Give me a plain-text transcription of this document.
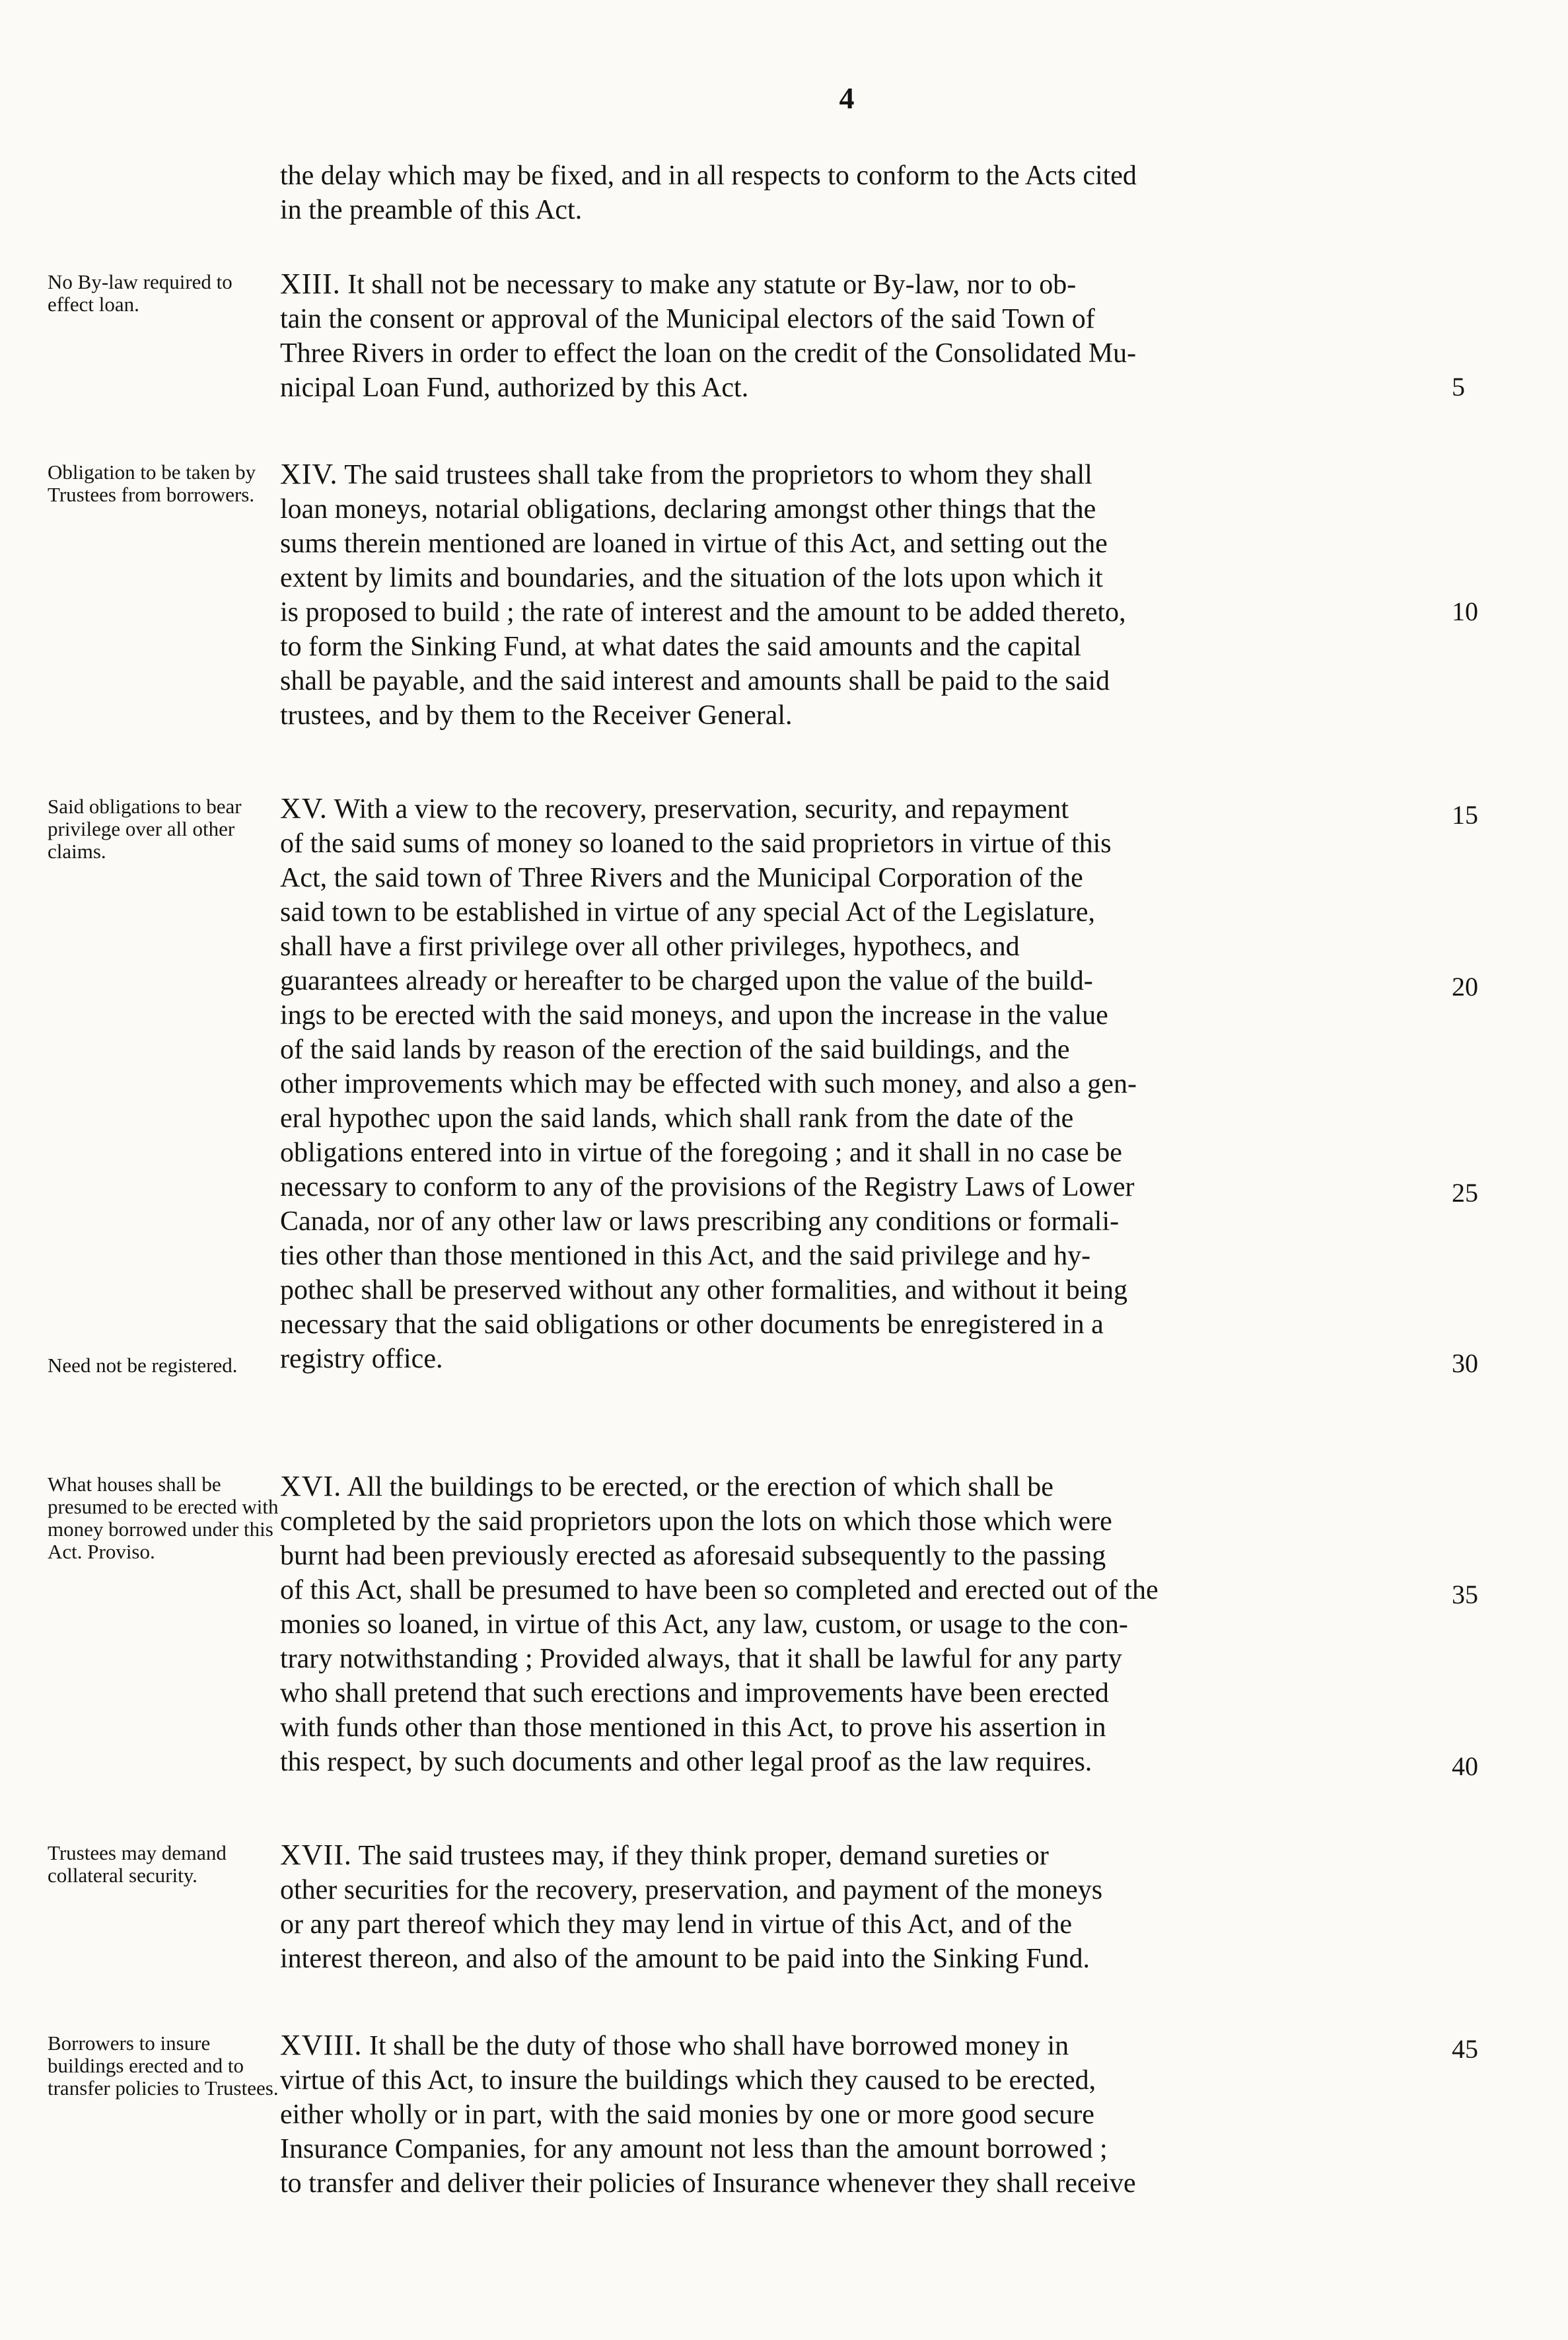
4
the delay which may be fixed, and in all respects to conform to the Acts cited
in the preamble of this Act.
No By-law required to effect loan.
XIII. It shall not be necessary to make any statute or By-law, nor to ob-
tain the consent or approval of the Municipal electors of the said Town of
Three Rivers in order to effect the loan on the credit of the Consolidated Mu-
nicipal Loan Fund, authorized by this Act.
Obligation to be taken by Trustees from borrowers.
XIV. The said trustees shall take from the proprietors to whom they shall
loan moneys, notarial obligations, declaring amongst other things that the
sums therein mentioned are loaned in virtue of this Act, and setting out the
extent by limits and boundaries, and the situation of the lots upon which it
is proposed to build ; the rate of interest and the amount to be added thereto,
to form the Sinking Fund, at what dates the said amounts and the capital
shall be payable, and the said interest and amounts shall be paid to the said
trustees, and by them to the Receiver General.
Said obligations to bear privilege over all other claims.
XV. With a view to the recovery, preservation, security, and repayment
of the said sums of money so loaned to the said proprietors in virtue of this
Act, the said town of Three Rivers and the Municipal Corporation of the
said town to be established in virtue of any special Act of the Legislature,
shall have a first privilege over all other privileges, hypothecs, and
guarantees already or hereafter to be charged upon the value of the build-
ings to be erected with the said moneys, and upon the increase in the value
of the said lands by reason of the erection of the said buildings, and the
other improvements which may be effected with such money, and also a gen-
eral hypothec upon the said lands, which shall rank from the date of the
obligations entered into in virtue of the foregoing ; and it shall in no case be
necessary to conform to any of the provisions of the Registry Laws of Lower
Canada, nor of any other law or laws prescribing any conditions or formali-
ties other than those mentioned in this Act, and the said privilege and hy-
pothec shall be preserved without any other formalities, and without it being
necessary that the said obligations or other documents be enregistered in a
registry office.
Need not be registered.
What houses shall be presumed to be erected with money borrowed under this Act. Proviso.
XVI. All the buildings to be erected, or the erection of which shall be
completed by the said proprietors upon the lots on which those which were
burnt had been previously erected as aforesaid subsequently to the passing
of this Act, shall be presumed to have been so completed and erected out of the
monies so loaned, in virtue of this Act, any law, custom, or usage to the con-
trary notwithstanding ; Provided always, that it shall be lawful for any party
who shall pretend that such erections and improvements have been erected
with funds other than those mentioned in this Act, to prove his assertion in
this respect, by such documents and other legal proof as the law requires.
Trustees may demand collateral security.
XVII. The said trustees may, if they think proper, demand sureties or
other securities for the recovery, preservation, and payment of the moneys
or any part thereof which they may lend in virtue of this Act, and of the
interest thereon, and also of the amount to be paid into the Sinking Fund.
Borrowers to insure buildings erected and to transfer policies to Trustees.
XVIII. It shall be the duty of those who shall have borrowed money in
virtue of this Act, to insure the buildings which they caused to be erected,
either wholly or in part, with the said monies by one or more good secure
Insurance Companies, for any amount not less than the amount borrowed ;
to transfer and deliver their policies of Insurance whenever they shall receive
5
10
15
20
25
30
35
40
45
